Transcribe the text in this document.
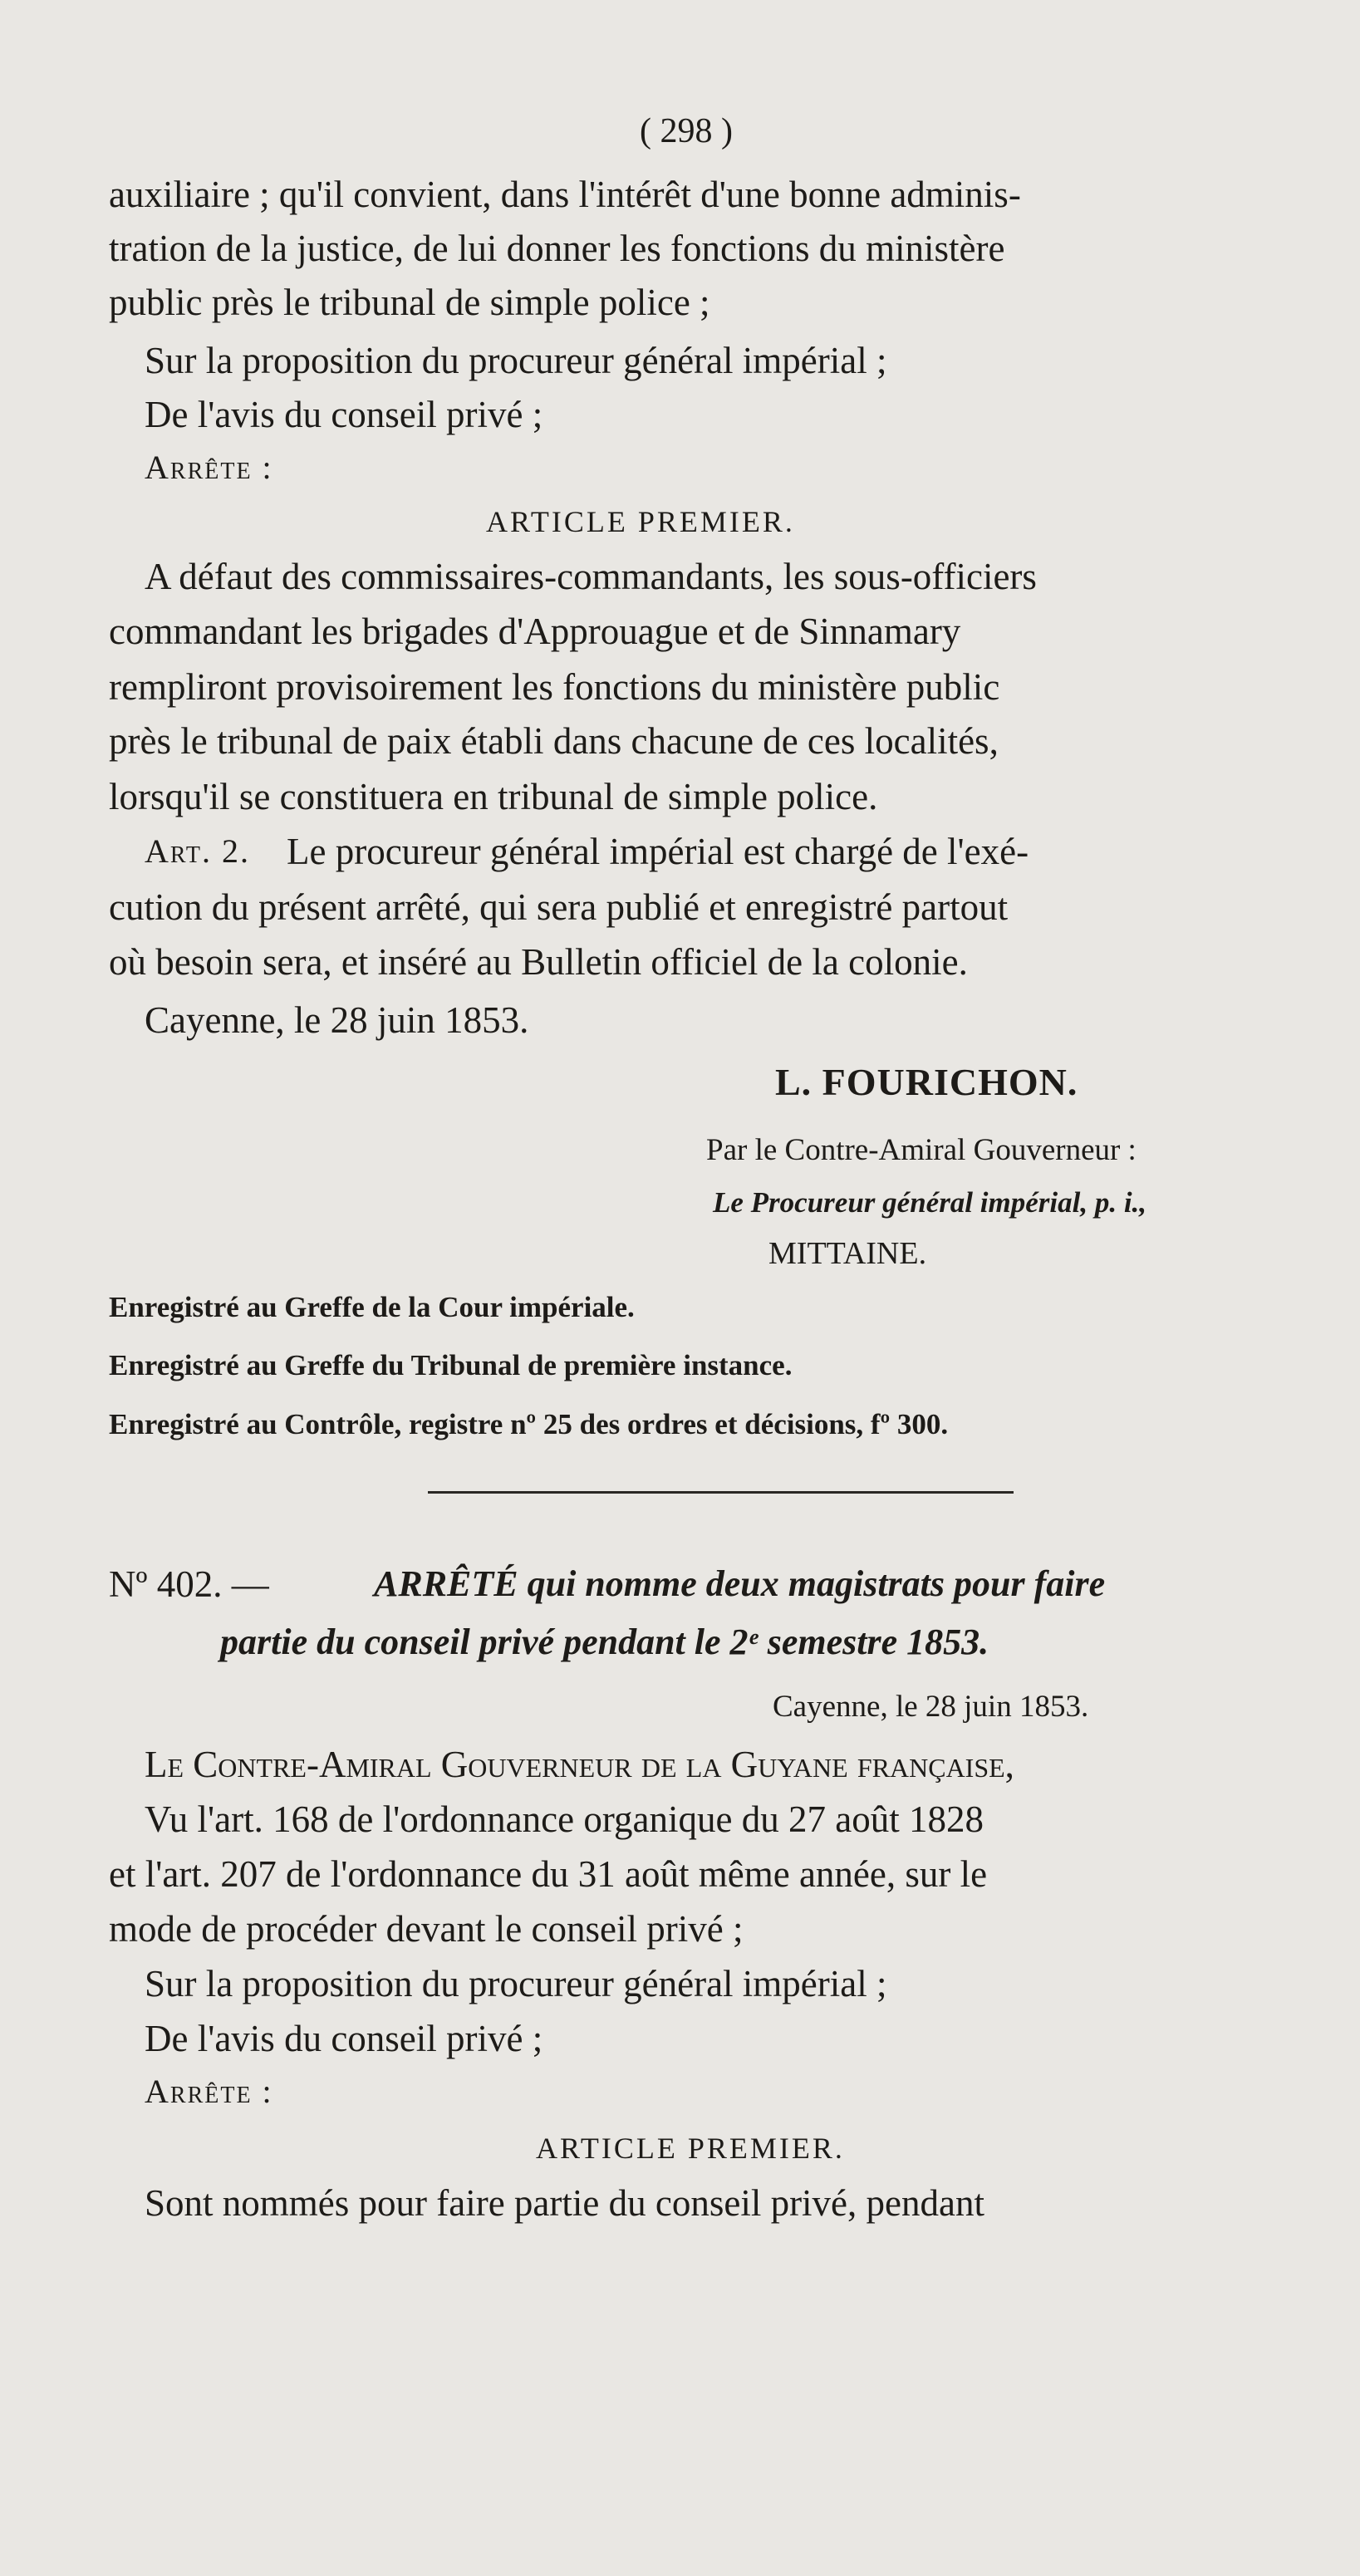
( 298 )
auxiliaire ; qu'il convient, dans l'intérêt d'une bonne adminis-
tration de la justice, de lui donner les fonctions du ministère
public près le tribunal de simple police ;
Sur la proposition du procureur général impérial ;
De l'avis du conseil privé ;
Arrête :
ARTICLE PREMIER.
A défaut des commissaires-commandants, les sous-officiers
commandant les brigades d'Approuague et de Sinnamary
rempliront provisoirement les fonctions du ministère public
près le tribunal de paix établi dans chacune de ces localités,
lorsqu'il se constituera en tribunal de simple police.
Art. 2. Le procureur général impérial est chargé de l'exé-
cution du présent arrêté, qui sera publié et enregistré partout
où besoin sera, et inséré au Bulletin officiel de la colonie.
Cayenne, le 28 juin 1853.
L. FOURICHON.
Par le Contre-Amiral Gouverneur :
Le Procureur général impérial, p. i.,
MITTAINE.
Enregistré au Greffe de la Cour impériale.
Enregistré au Greffe du Tribunal de première instance.
Enregistré au Contrôle, registre nº 25 des ordres et décisions, fº 300.
Nº 402. —	ARRÊTÉ qui nomme deux magistrats pour faire
partie du conseil privé pendant le 2ᵉ semestre 1853.
Cayenne, le 28 juin 1853.
Le Contre-Amiral Gouverneur de la Guyane française,
Vu l'art. 168 de l'ordonnance organique du 27 août 1828
et l'art. 207 de l'ordonnance du 31 août même année, sur le
mode de procéder devant le conseil privé ;
Sur la proposition du procureur général impérial ;
De l'avis du conseil privé ;
Arrête :
ARTICLE PREMIER.
Sont nommés pour faire partie du conseil privé, pendant
